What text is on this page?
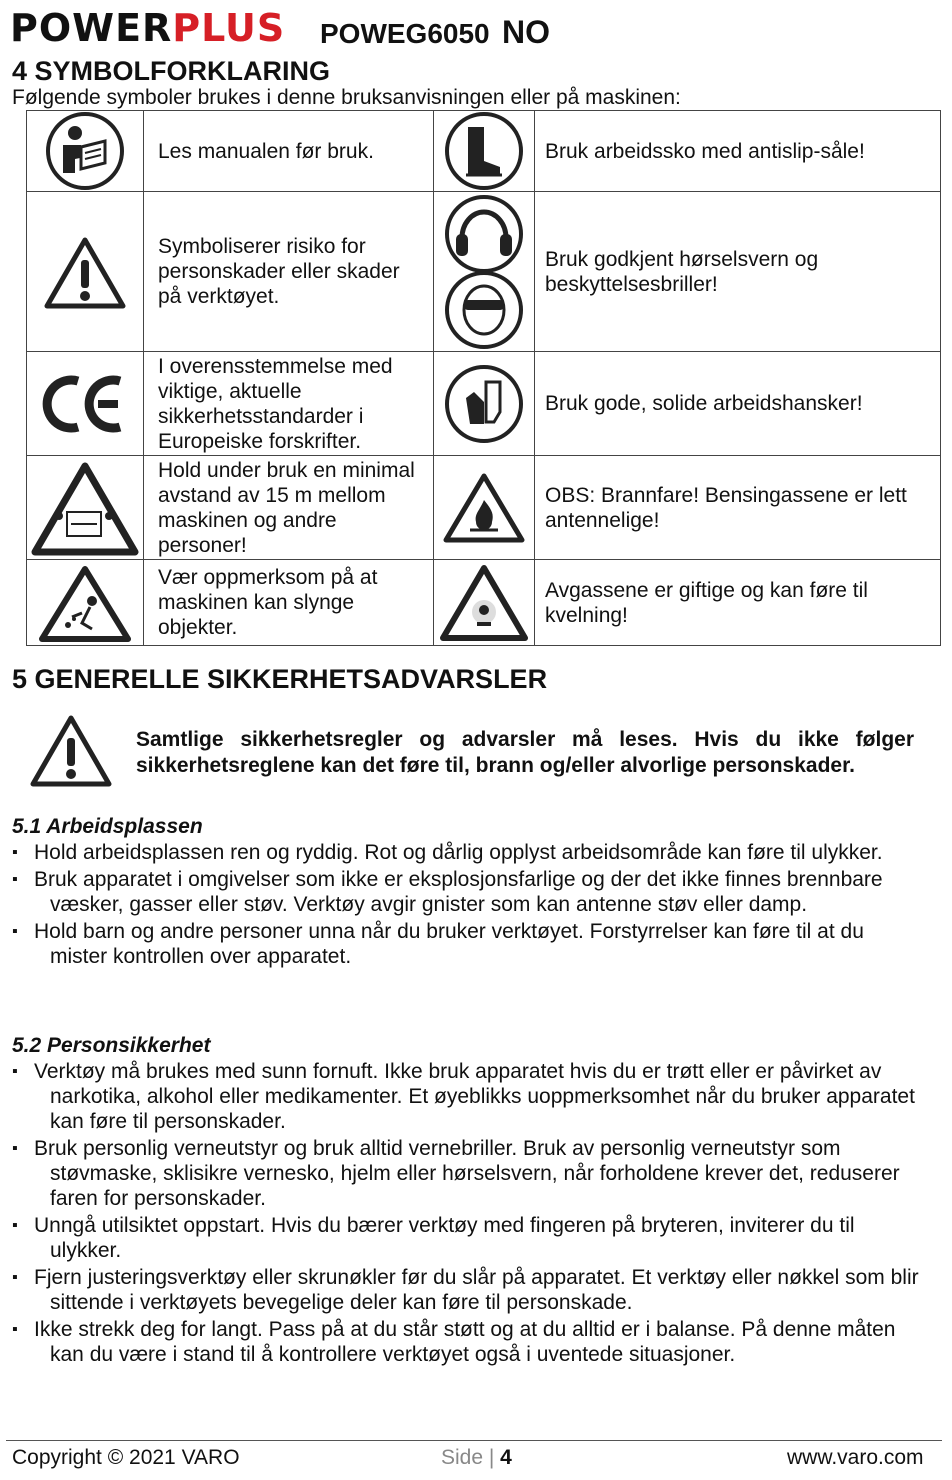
POWERPLUS POWEG6050 NO
4 SYMBOLFORKLARING
Følgende symboler brukes i denne bruksanvisningen eller på maskinen:
	Les manualen før bruk.		Bruk arbeidssko med antislip-såle!

	Symboliserer risiko for personskader eller skader på verktøyet.		Bruk godkjent hørselsvern og beskyttelsesbriller!

	I overensstemmelse med viktige, aktuelle sikkerhetsstandarder i Europeiske forskrifter.		Bruk gode, solide arbeidshansker!

	Hold under bruk en minimal avstand av 15 m mellom maskinen og andre personer!		OBS: Brannfare! Bensingassene er lett antennelige!

	Vær oppmerksom på at maskinen kan slynge objekter.		Avgassene er giftige og kan føre til kvelning!
5 GENERELLE SIKKERHETSADVARSLER
Samtlige sikkerhetsregler og advarsler må leses. Hvis du ikke følger
sikkerhetsreglene kan det føre til, brann og/eller alvorlige personskader.
5.1 Arbeidsplassen
▪ Hold arbeidsplassen ren og ryddig. Rot og dårlig opplyst arbeidsområde kan føre til ulykker.
▪ Bruk apparatet i omgivelser som ikke er eksplosjonsfarlige og der det ikke finnes brennbare væsker, gasser eller støv. Verktøy avgir gnister som kan antenne støv eller damp.
▪ Hold barn og andre personer unna når du bruker verktøyet. Forstyrrelser kan føre til at du mister kontrollen over apparatet.
5.2 Personsikkerhet
▪ Verktøy må brukes med sunn fornuft. Ikke bruk apparatet hvis du er trøtt eller er påvirket av narkotika, alkohol eller medikamenter. Et øyeblikks uoppmerksomhet når du bruker apparatet kan føre til personskader.
▪ Bruk personlig verneutstyr og bruk alltid vernebriller. Bruk av personlig verneutstyr som støvmaske, sklisikre vernesko, hjelm eller hørselsvern, når forholdene krever det, reduserer faren for personskader.
▪ Unngå utilsiktet oppstart. Hvis du bærer verktøy med fingeren på bryteren, inviterer du til ulykker.
▪ Fjern justeringsverktøy eller skrunøkler før du slår på apparatet. Et verktøy eller nøkkel som blir sittende i verktøyets bevegelige deler kan føre til personskade.
▪ Ikke strekk deg for langt. Pass på at du står støtt og at du alltid er i balanse. På denne måten kan du være i stand til å kontrollere verktøyet også i uventede situasjoner.
Copyright © 2021 VARO	Side | 4	www.varo.com
